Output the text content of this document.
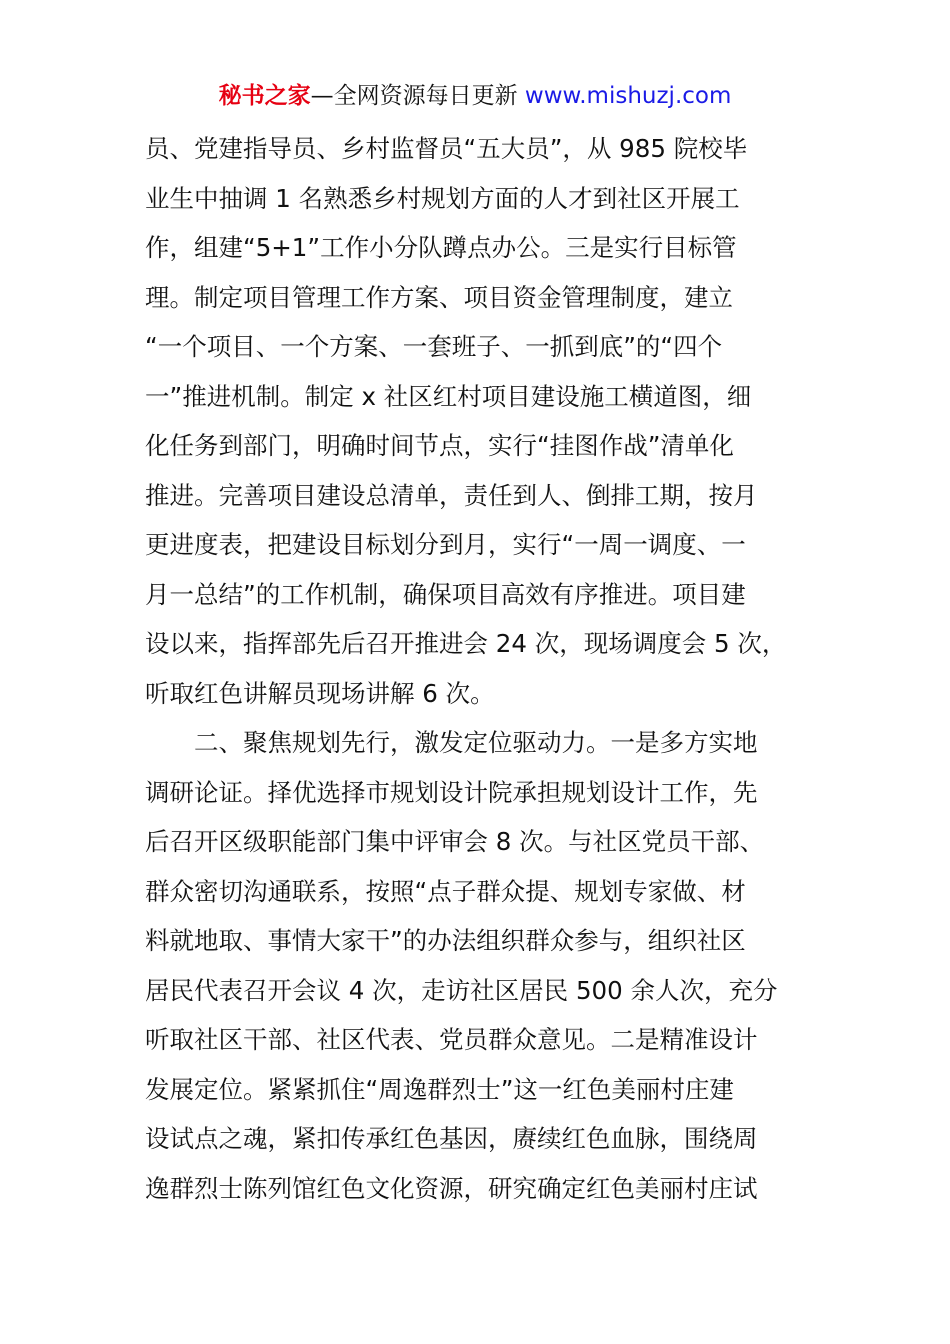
秘书之家—全网资源每日更新 www.mishuzj.com
员、党建指导员、乡村监督员“五大员”，从 985 院校毕
业生中抽调 1 名熟悉乡村规划方面的人才到社区开展工
作，组建“5+1”工作小分队蹲点办公。三是实行目标管
理。制定项目管理工作方案、项目资金管理制度，建立
“一个项目、一个方案、一套班子、一抓到底”的“四个
一”推进机制。制定 x 社区红村项目建设施工横道图，细
化任务到部门，明确时间节点，实行“挂图作战”清单化
推进。完善项目建设总清单，责任到人、倒排工期，按月
更进度表，把建设目标划分到月，实行“一周一调度、一
月一总结”的工作机制，确保项目高效有序推进。项目建
设以来，指挥部先后召开推进会 24 次，现场调度会 5 次，
听取红色讲解员现场讲解 6 次。
　　二、聚焦规划先行，激发定位驱动力。一是多方实地
调研论证。择优选择市规划设计院承担规划设计工作，先
后召开区级职能部门集中评审会 8 次。与社区党员干部、
群众密切沟通联系，按照“点子群众提、规划专家做、材
料就地取、事情大家干”的办法组织群众参与，组织社区
居民代表召开会议 4 次，走访社区居民 500 余人次，充分
听取社区干部、社区代表、党员群众意见。二是精准设计
发展定位。紧紧抓住“周逸群烈士”这一红色美丽村庄建
设试点之魂，紧扣传承红色基因，赓续红色血脉，围绕周
逸群烈士陈列馆红色文化资源，研究确定红色美丽村庄试
